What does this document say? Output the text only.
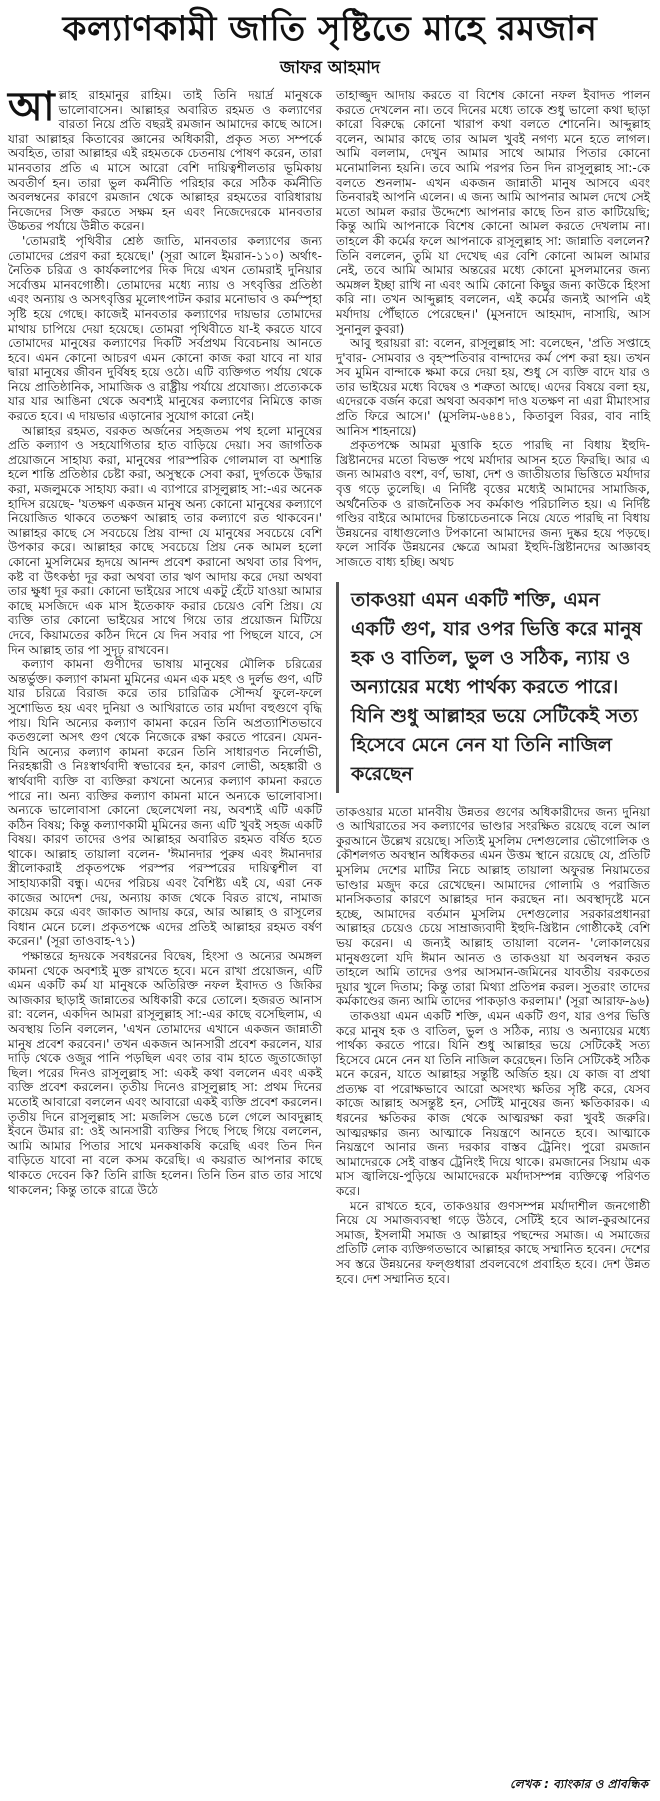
কল্যাণকামী জাতি সৃষ্টিতে মাহে রমজান
জাফর আহমাদ

আল্লাহ রাহমানুর রাহিম। তাই তিনি দয়ার্দ্র মানুষকে ভালোবাসেন। আল্লাহর অবারিত রহমত ও কল্যাণের বারতা নিয়ে প্রতি বছরই রমজান আমাদের কাছে আসে। যারা আল্লাহর কিতাবের জ্ঞানের অধিকারী, প্রকৃত সত্য সম্পর্কে অবহিত, তারা আল্লাহর এই রহমতকে চেতনায় পোষণ করেন, তারা মানবতার প্রতি এ মাসে আরো বেশি দায়িত্বশীলতার ভূমিকায় অবতীর্ণ হন। তারা ভুল কর্মনীতি পরিহার করে সঠিক কর্মনীতি অবলম্বনের কারণে রমজান থেকে আল্লাহর রহমতের বারিধারায় নিজেদের সিক্ত করতে সক্ষম হন এবং নিজেদেরকে মানবতার উচ্চতর পর্যায়ে উন্নীত করেন।

'তোমরাই পৃথিবীর শ্রেষ্ঠ জাতি, মানবতার কল্যাণের জন্য তোমাদের প্রেরণ করা হয়েছে।' (সূরা আলে ইমরান-১১০) অর্থাৎ- নৈতিক চরিত্র ও কার্যকলাপের দিক দিয়ে এখন তোমরাই দুনিয়ার সর্বোত্তম মানবগোষ্ঠী। তোমাদের মধ্যে ন্যায় ও সৎবৃত্তির প্রতিষ্ঠা এবং অন্যায় ও অসৎবৃত্তির মূলোৎপাটন করার মনোভাব ও কর্মস্পৃহা সৃষ্টি হয়ে গেছে। কাজেই মানবতার কল্যাণের দায়ভার তোমাদের মাথায় চাপিয়ে দেয়া হয়েছে। তোমরা পৃথিবীতে যা-ই করতে যাবে তোমাদের মানুষের কল্যাণের দিকটি সর্বপ্রথম বিবেচনায় আনতে হবে। এমন কোনো আচরণ এমন কোনো কাজ করা যাবে না যার দ্বারা মানুষের জীবন দুর্বিষহ হয়ে ওঠে। এটি ব্যক্তিগত পর্যায় থেকে নিয়ে প্রাতিষ্ঠানিক, সামাজিক ও রাষ্ট্রীয় পর্যায়ে প্রযোজ্য। প্রত্যেককে যার যার আঙিনা থেকে অবশ্যই মানুষের কল্যাণের নিমিত্তে কাজ করতে হবে। এ দায়ভার এড়ানোর সুযোগ কারো নেই।

আল্লাহর রহমত, বরকত অর্জনের সহজতম পথ হলো মানুষের প্রতি কল্যাণ ও সহযোগিতার হাত বাড়িয়ে দেয়া। সব জাগতিক প্রয়োজনে সাহায্য করা, মানুষের পারস্পরিক গোলমাল বা অশান্তি হলে শান্তি প্রতিষ্ঠার চেষ্টা করা, অসুস্থকে সেবা করা, দুর্গতকে উদ্ধার করা, মজলুমকে সাহায্য করা। এ ব্যাপারে রাসূলুল্লাহ সা:-এর অনেক হাদিস রয়েছে- 'যতক্ষণ একজন মানুষ অন্য কোনো মানুষের কল্যাণে নিয়োজিত থাকবে ততক্ষণ আল্লাহ তার কল্যাণে রত থাকবেন।' আল্লাহর কাছে সে সবচেয়ে প্রিয় বান্দা যে মানুষের সবচেয়ে বেশি উপকার করে। আল্লাহর কাছে সবচেয়ে প্রিয় নেক আমল হলো কোনো মুসলিমের হৃদয়ে আনন্দ প্রবেশ করানো অথবা তার বিপদ, কষ্ট বা উৎকণ্ঠা দূর করা অথবা তার ঋণ আদায় করে দেয়া অথবা তার ক্ষুধা দূর করা। কোনো ভাইয়ের সাথে একটু হেঁটে যাওয়া আমার কাছে মসজিদে এক মাস ইতেকাফ করার চেয়েও বেশি প্রিয়। যে ব্যক্তি তার কোনো ভাইয়ের সাথে গিয়ে তার প্রয়োজন মিটিয়ে দেবে, কিয়ামতের কঠিন দিনে যে দিন সবার পা পিছলে যাবে, সে দিন আল্লাহ তার পা সুদৃঢ় রাখবেন।

কল্যাণ কামনা গুণীদের ভাষায় মানুষের মৌলিক চরিত্রের অন্তর্ভুক্ত। কল্যাণ কামনা মুমিনের এমন এক মহৎ ও দুর্লভ গুণ, এটি যার চরিত্রে বিরাজ করে তার চারিত্রিক সৌন্দর্য ফুলে-ফলে সুশোভিত হয় এবং দুনিয়া ও আখিরাতে তার মর্যাদা বহুগুণে বৃদ্ধি পায়। যিনি অন্যের কল্যাণ কামনা করেন তিনি অপ্রত্যাশিতভাবে কতগুলো অসৎ গুণ থেকে নিজেকে রক্ষা করতে পারেন। যেমন- যিনি অন্যের কল্যাণ কামনা করেন তিনি সাধারণত নির্লোভী, নিরহঙ্কারী ও নিঃস্বার্থবাদী স্বভাবের হন, কারণ লোভী, অহঙ্কারী ও স্বার্থবাদী ব্যক্তি বা ব্যক্তিরা কখনো অন্যের কল্যাণ কামনা করতে পারে না। অন্য ব্যক্তির কল্যাণ কামনা মানে অন্যকে ভালোবাসা। অন্যকে ভালোবাসা কোনো ছেলেখেলা নয়, অবশ্যই এটি একটি কঠিন বিষয়; কিন্তু কল্যাণকামী মুমিনের জন্য এটি খুবই সহজ একটি বিষয়। কারণ তাদের ওপর আল্লাহর অবারিত রহমত বর্ষিত হতে থাকে। আল্লাহ তায়ালা বলেন- 'ঈমানদার পুরুষ এবং ঈমানদার স্ত্রীলোকরাই প্রকৃতপক্ষে পরস্পর পরস্পরের দায়িত্বশীল বা সাহায্যকারী বন্ধু। এদের পরিচয় এবং বৈশিষ্ট্য এই যে, এরা নেক কাজের আদেশ দেয়, অন্যায় কাজ থেকে বিরত রাখে, নামাজ কায়েম করে এবং জাকাত আদায় করে, আর আল্লাহ ও রাসূলের বিধান মেনে চলে। প্রকৃতপক্ষে এদের প্রতিই আল্লাহর রহমত বর্ষণ করেন।' (সূরা তাওবাহ-৭১)

পক্ষান্তরে হৃদয়কে সবধরনের বিদ্বেষ, হিংসা ও অন্যের অমঙ্গল কামনা থেকে অবশ্যই মুক্ত রাখতে হবে। মনে রাখা প্রয়োজন, এটি এমন একটি কর্ম যা মানুষকে অতিরিক্ত নফল ইবাদত ও জিকির আজকার ছাড়াই জান্নাতের অধিকারী করে তোলে। হজরত আনাস রা: বলেন, একদিন আমরা রাসূলুল্লাহ সা:-এর কাছে বসেছিলাম, এ অবস্থায় তিনি বললেন, 'এখন তোমাদের এখানে একজন জান্নাতী মানুষ প্রবেশ করবেন।' তখন একজন আনসারী প্রবেশ করলেন, যার দাড়ি থেকে ওজুর পানি পড়ছিল এবং তার বাম হাতে জুতাজোড়া ছিল। পরের দিনও রাসূলুল্লাহ সা: একই কথা বললেন এবং একই ব্যক্তি প্রবেশ করলেন। তৃতীয় দিনেও রাসূলুল্লাহ সা: প্রথম দিনের মতোই আবারো বললেন এবং আবারো একই ব্যক্তি প্রবেশ করলেন। তৃতীয় দিনে রাসূলুল্লাহ সা: মজলিস ভেঙে চলে গেলে আবদুল্লাহ ইবনে উমার রা: ওই আনসারী ব্যক্তির পিছে পিছে গিয়ে বললেন, আমি আমার পিতার সাথে মনকষাকষি করেছি এবং তিন দিন বাড়িতে যাবো না বলে কসম করেছি। এ কয়রাত আপনার কাছে থাকতে দেবেন কি? তিনি রাজি হলেন। তিনি তিন রাত তার সাথে থাকলেন; কিন্তু তাকে রাত্রে উঠে

তাহাজ্জুদ আদায় করতে বা বিশেষ কোনো নফল ইবাদত পালন করতে দেখলেন না। তবে দিনের মধ্যে তাকে শুধু ভালো কথা ছাড়া কারো বিরুদ্ধে কোনো খারাপ কথা বলতে শোনেনি। আব্দুল্লাহ বলেন, আমার কাছে তার আমল খুবই নগণ্য মনে হতে লাগল। আমি বললাম, দেখুন আমার সাথে আমার পিতার কোনো মনোমালিন্য হয়নি। তবে আমি পরপর তিন দিন রাসূলুল্লাহ সা:-কে বলতে শুনলাম- এখন একজন জান্নাতী মানুষ আসবে এবং তিনবারই আপনি এলেন। এ জন্য আমি আপনার আমল দেখে সেই মতো আমল করার উদ্দেশ্যে আপনার কাছে তিন রাত কাটিয়েছি; কিন্তু আমি আপনাকে বিশেষ কোনো আমল করতে দেখলাম না। তাহলে কী কর্মের ফলে আপনাকে রাসূলুল্লাহ সা: জান্নাতি বললেন? তিনি বললেন, তুমি যা দেখেছ এর বেশি কোনো আমল আমার নেই, তবে আমি আমার অন্তরের মধ্যে কোনো মুসলমানের জন্য অমঙ্গল ইচ্ছা রাখি না এবং আমি কোনো কিছুর জন্য কাউকে হিংসা করি না। তখন আব্দুল্লাহ বললেন, এই কর্মের জন্যই আপনি এই মর্যাদায় পৌঁছাতে পেরেছেন।' (মুসনাদে আহমাদ, নাসায়ি, আস সুনানুল কুবরা)

আবু হুরায়রা রা: বলেন, রাসূলুল্লাহ সা: বলেছেন, 'প্রতি সপ্তাহে দু'বার- সোমবার ও বৃহস্পতিবার বান্দাদের কর্ম পেশ করা হয়। তখন সব মুমিন বান্দাকে ক্ষমা করে দেয়া হয়, শুধু সে ব্যক্তি বাদে যার ও তার ভাইয়ের মধ্যে বিদ্বেষ ও শত্রুতা আছে। এদের বিষয়ে বলা হয়, এদেরকে বর্জন করো অথবা অবকাশ দাও যতক্ষণ না এরা মীমাংসার প্রতি ফিরে আসে।' (মুসলিম-৬৪৪১, কিতাবুল বিরর, বাব নাহি আনিস শাহনায়ে)

প্রকৃতপক্ষে আমরা মুত্তাকি হতে পারছি না বিধায় ইহুদি-খ্রিষ্টানদের মতো বিভক্ত পথে মর্যাদার আসন হতে ফিরছি। আর এ জন্য আমরাও বংশ, বর্ণ, ভাষা, দেশ ও জাতীয়তার ভিত্তিতে মর্যাদার বৃত্ত গড়ে তুলেছি। এ নির্দিষ্ট বৃত্তের মধ্যেই আমাদের সামাজিক, অর্থনৈতিক ও রাজনৈতিক সব কর্মকাণ্ড পরিচালিত হয়। এ নির্দিষ্ট গণ্ডির বাইরে আমাদের চিন্তাচেতনাকে নিয়ে যেতে পারছি না বিধায় উন্নয়নের বাধাগুলোও টপকানো আমাদের জন্য দুষ্কর হয়ে পড়ছে। ফলে সার্বিক উন্নয়নের ক্ষেত্রে আমরা ইহুদি-খ্রিষ্টানদের আজ্ঞাবহ সাজতে বাধ্য হচ্ছি। অথচ

তাকওয়া এমন একটি শক্তি, এমন একটি গুণ, যার ওপর ভিত্তি করে মানুষ হক ও বাতিল, ভুল ও সঠিক, ন্যায় ও অন্যায়ের মধ্যে পার্থক্য করতে পারে। যিনি শুধু আল্লাহর ভয়ে সেটিকেই সত্য হিসেবে মেনে নেন যা তিনি নাজিল করেছেন

তাকওয়ার মতো মানবীয় উন্নতর গুণের অধিকারীদের জন্য দুনিয়া ও আখিরাতের সব কল্যাণের ভাণ্ডার সংরক্ষিত রয়েছে বলে আল কুরআনে উল্লেখ রয়েছে। সত্যিই মুসলিম দেশগুলোর ভৌগোলিক ও কৌশলগত অবস্থান অধিকতর এমন উত্তম স্থানে রয়েছে যে, প্রতিটি মুসলিম দেশের মাটির নিচে আল্লাহ তায়ালা অফুরন্ত নিয়ামতের ভাণ্ডার মজুদ করে রেখেছেন। আমাদের গোলামি ও পরাজিত মানসিকতার কারণে আল্লাহর দান করছেন না। অবস্থাদৃষ্টে মনে হচ্ছে, আমাদের বর্তমান মুসলিম দেশগুলোর সরকারপ্রধানরা আল্লাহর চেয়েও চেয়ে সাম্রাজ্যবাদী ইহুদি-খ্রিষ্টান গোষ্ঠীকেই বেশি ভয় করেন। এ জন্যই আল্লাহ তায়ালা বলেন- 'লোকালয়ের মানুষগুলো যদি ঈমান আনত ও তাকওয়া যা অবলম্বন করত তাহলে আমি তাদের ওপর আসমান-জমিনের যাবতীয় বরকতের দুয়ার খুলে দিতাম; কিন্তু তারা মিথ্যা প্রতিপন্ন করল। সুতরাং তাদের কর্মকাণ্ডের জন্য আমি তাদের পাকড়াও করলাম।' (সূরা আরাফ-৯৬)

তাকওয়া এমন একটি শক্তি, এমন একটি গুণ, যার ওপর ভিত্তি করে মানুষ হক ও বাতিল, ভুল ও সঠিক, ন্যায় ও অন্যায়ের মধ্যে পার্থক্য করতে পারে। যিনি শুধু আল্লাহর ভয়ে সেটিকেই সত্য হিসেবে মেনে নেন যা তিনি নাজিল করেছেন। তিনি সেটিকেই সঠিক মনে করেন, যাতে আল্লাহর সন্তুষ্টি অর্জিত হয়। যে কাজ বা প্রথা প্রত্যক্ষ বা পরোক্ষভাবে আরো অসংখ্য ক্ষতির সৃষ্টি করে, যেসব কাজে আল্লাহ অসন্তুষ্ট হন, সেটিই মানুষের জন্য ক্ষতিকারক। এ ধরনের ক্ষতিকর কাজ থেকে আত্মরক্ষা করা খুবই জরুরি। আত্মরক্ষার জন্য আত্মাকে নিয়ন্ত্রণে আনতে হবে। আত্মাকে নিয়ন্ত্রণে আনার জন্য দরকার বাস্তব ট্রেনিং। পুরো রমজান আমাদেরকে সেই বাস্তব ট্রেনিংই দিয়ে থাকে। রমজানের সিয়াম এক মাস জ্বালিয়ে-পুড়িয়ে আমাদেরকে মর্যাদাসম্পন্ন ব্যক্তিত্বে পরিণত করে।

মনে রাখতে হবে, তাকওয়ার গুণসম্পন্ন মর্যাদাশীল জনগোষ্ঠী নিয়ে যে সমাজব্যবস্থা গড়ে উঠবে, সেটিই হবে আল-কুরআনের সমাজ, ইসলামী সমাজ ও আল্লাহর পছন্দের সমাজ। এ সমাজের প্রতিটি লোক ব্যক্তিগতভাবে আল্লাহর কাছে সম্মানিত হবেন। দেশের সব স্তরে উন্নয়নের ফল্গুধারা প্রবলবেগে প্রবাহিত হবে। দেশ উন্নত হবে। দেশ সম্মানিত হবে।

লেখক : ব্যাংকার ও প্রাবন্ধিক
